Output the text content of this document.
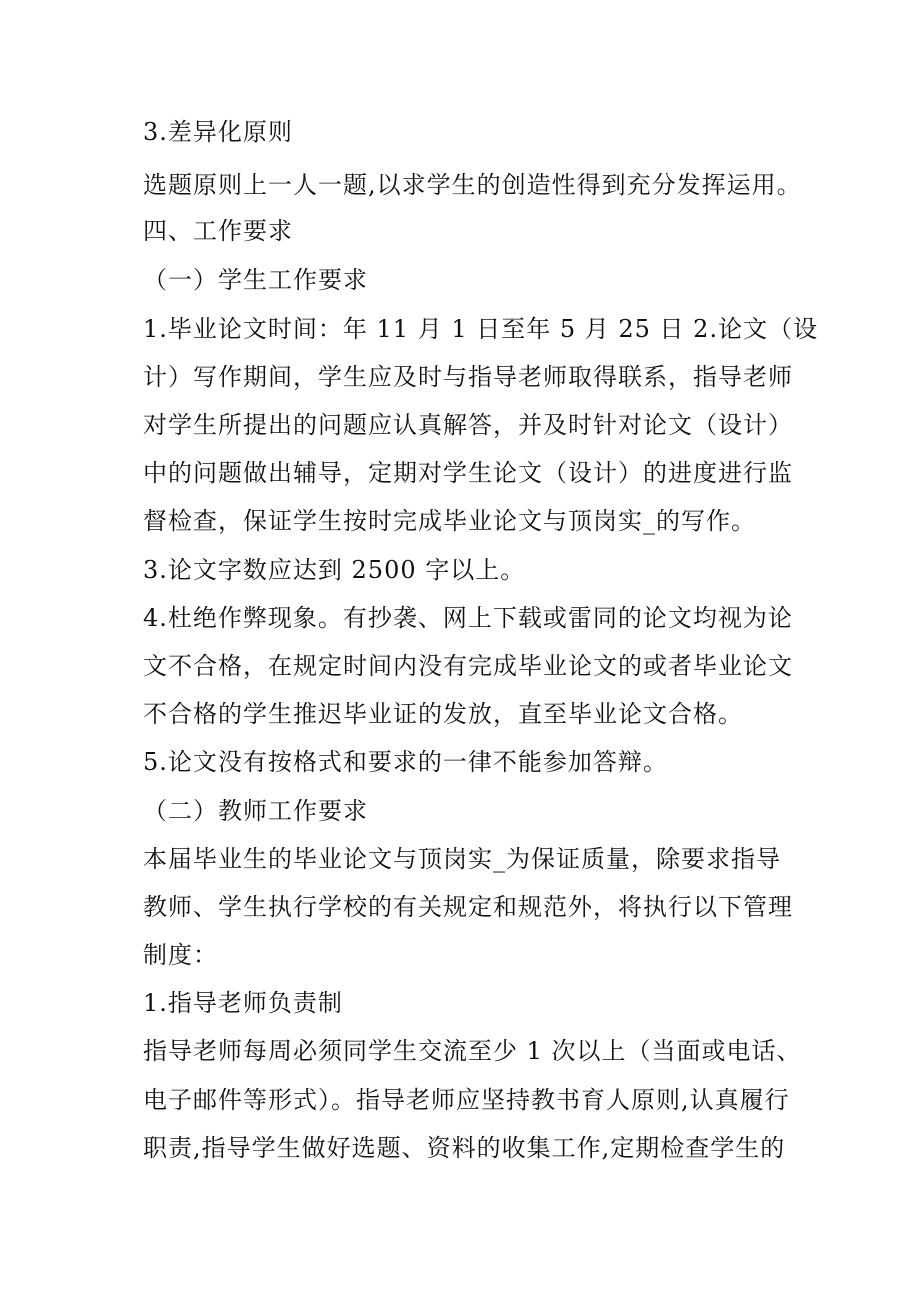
3.差异化原则
选题原则上一人一题,以求学生的创造性得到充分发挥运用。
四、工作要求
（一）学生工作要求
1.毕业论文时间：年 11 月 1 日至年 5 月 25 日 2.论文（设
计）写作期间，学生应及时与指导老师取得联系，指导老师
对学生所提出的问题应认真解答，并及时针对论文（设计）
中的问题做出辅导，定期对学生论文（设计）的进度进行监
督检查，保证学生按时完成毕业论文与顶岗实_的写作。
3.论文字数应达到 2500 字以上。
4.杜绝作弊现象。有抄袭、网上下载或雷同的论文均视为论
文不合格，在规定时间内没有完成毕业论文的或者毕业论文
不合格的学生推迟毕业证的发放，直至毕业论文合格。
5.论文没有按格式和要求的一律不能参加答辩。
（二）教师工作要求
本届毕业生的毕业论文与顶岗实_为保证质量，除要求指导
教师、学生执行学校的有关规定和规范外，将执行以下管理
制度：
1.指导老师负责制
指导老师每周必须同学生交流至少 1 次以上（当面或电话、
电子邮件等形式）。指导老师应坚持教书育人原则,认真履行
职责,指导学生做好选题、资料的收集工作,定期检查学生的
